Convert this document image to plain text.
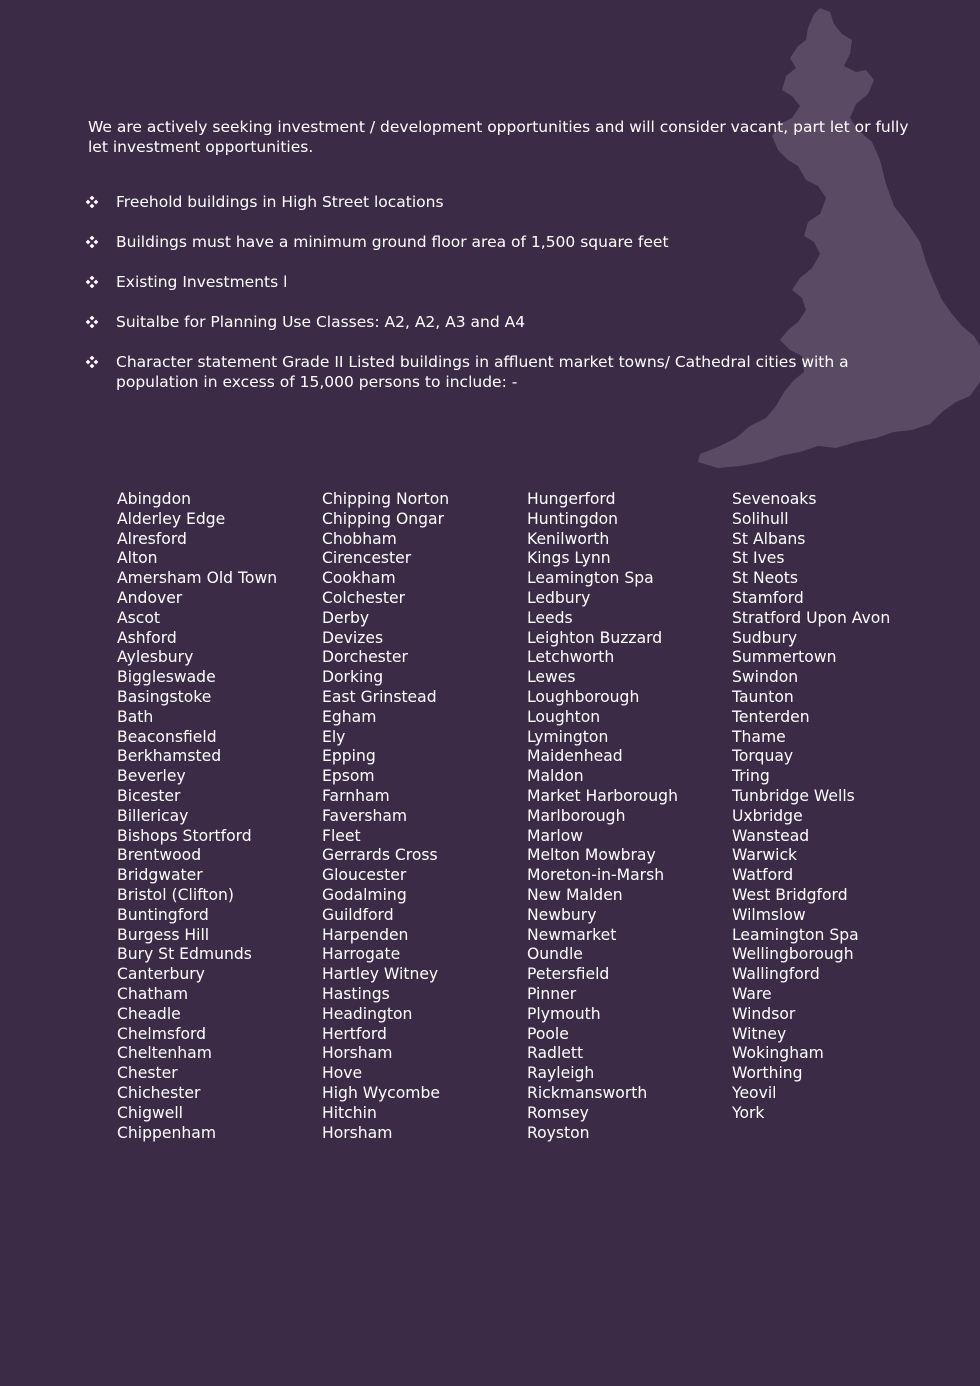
We are actively seeking investment / development opportunities and will consider vacant, part let or fully let investment opportunities.

Freehold buildings in High Street locations
Buildings must have a minimum ground floor area of 1,500 square feet
Existing Investments l
Suitalbe for Planning Use Classes: A2, A2, A3 and A4
Character statement Grade II Listed buildings in affluent market towns/ Cathedral cities with a population in excess of 15,000 persons to include: -
Abingdon
Alderley Edge
Alresford
Alton
Amersham Old Town
Andover
Ascot
Ashford
Aylesbury
Biggleswade
Basingstoke
Bath
Beaconsfield
Berkhamsted
Beverley
Bicester
Billericay
Bishops Stortford
Brentwood
Bridgwater
Bristol (Clifton)
Buntingford
Burgess Hill
Bury St Edmunds
Canterbury
Chatham
Cheadle
Chelmsford
Cheltenham
Chester
Chichester
Chigwell
Chippenham
Chipping Norton
Chipping Ongar
Chobham
Cirencester
Cookham
Colchester
Derby
Devizes
Dorchester
Dorking
East Grinstead
Egham
Ely
Epping
Epsom
Farnham
Faversham
Fleet
Gerrards Cross
Gloucester
Godalming
Guildford
Harpenden
Harrogate
Hartley Witney
Hastings
Headington
Hertford
Horsham
Hove
High Wycombe
Hitchin
Horsham
Hungerford
Huntingdon
Kenilworth
Kings Lynn
Leamington Spa
Ledbury
Leeds
Leighton Buzzard
Letchworth
Lewes
Loughborough
Loughton
Lymington
Maidenhead
Maldon
Market Harborough
Marlborough
Marlow
Melton Mowbray
Moreton-in-Marsh
New Malden
Newbury
Newmarket
Oundle
Petersfield
Pinner
Plymouth
Poole
Radlett
Rayleigh
Rickmansworth
Romsey
Royston
Sevenoaks
Solihull
St Albans
St Ives
St Neots
Stamford
Stratford Upon Avon
Sudbury
Summertown
Swindon
Taunton
Tenterden
Thame
Torquay
Tring
Tunbridge Wells
Uxbridge
Wanstead
Warwick
Watford
West Bridgford
Wilmslow
Leamington Spa
Wellingborough
Wallingford
Ware
Windsor
Witney
Wokingham
Worthing
Yeovil
York
